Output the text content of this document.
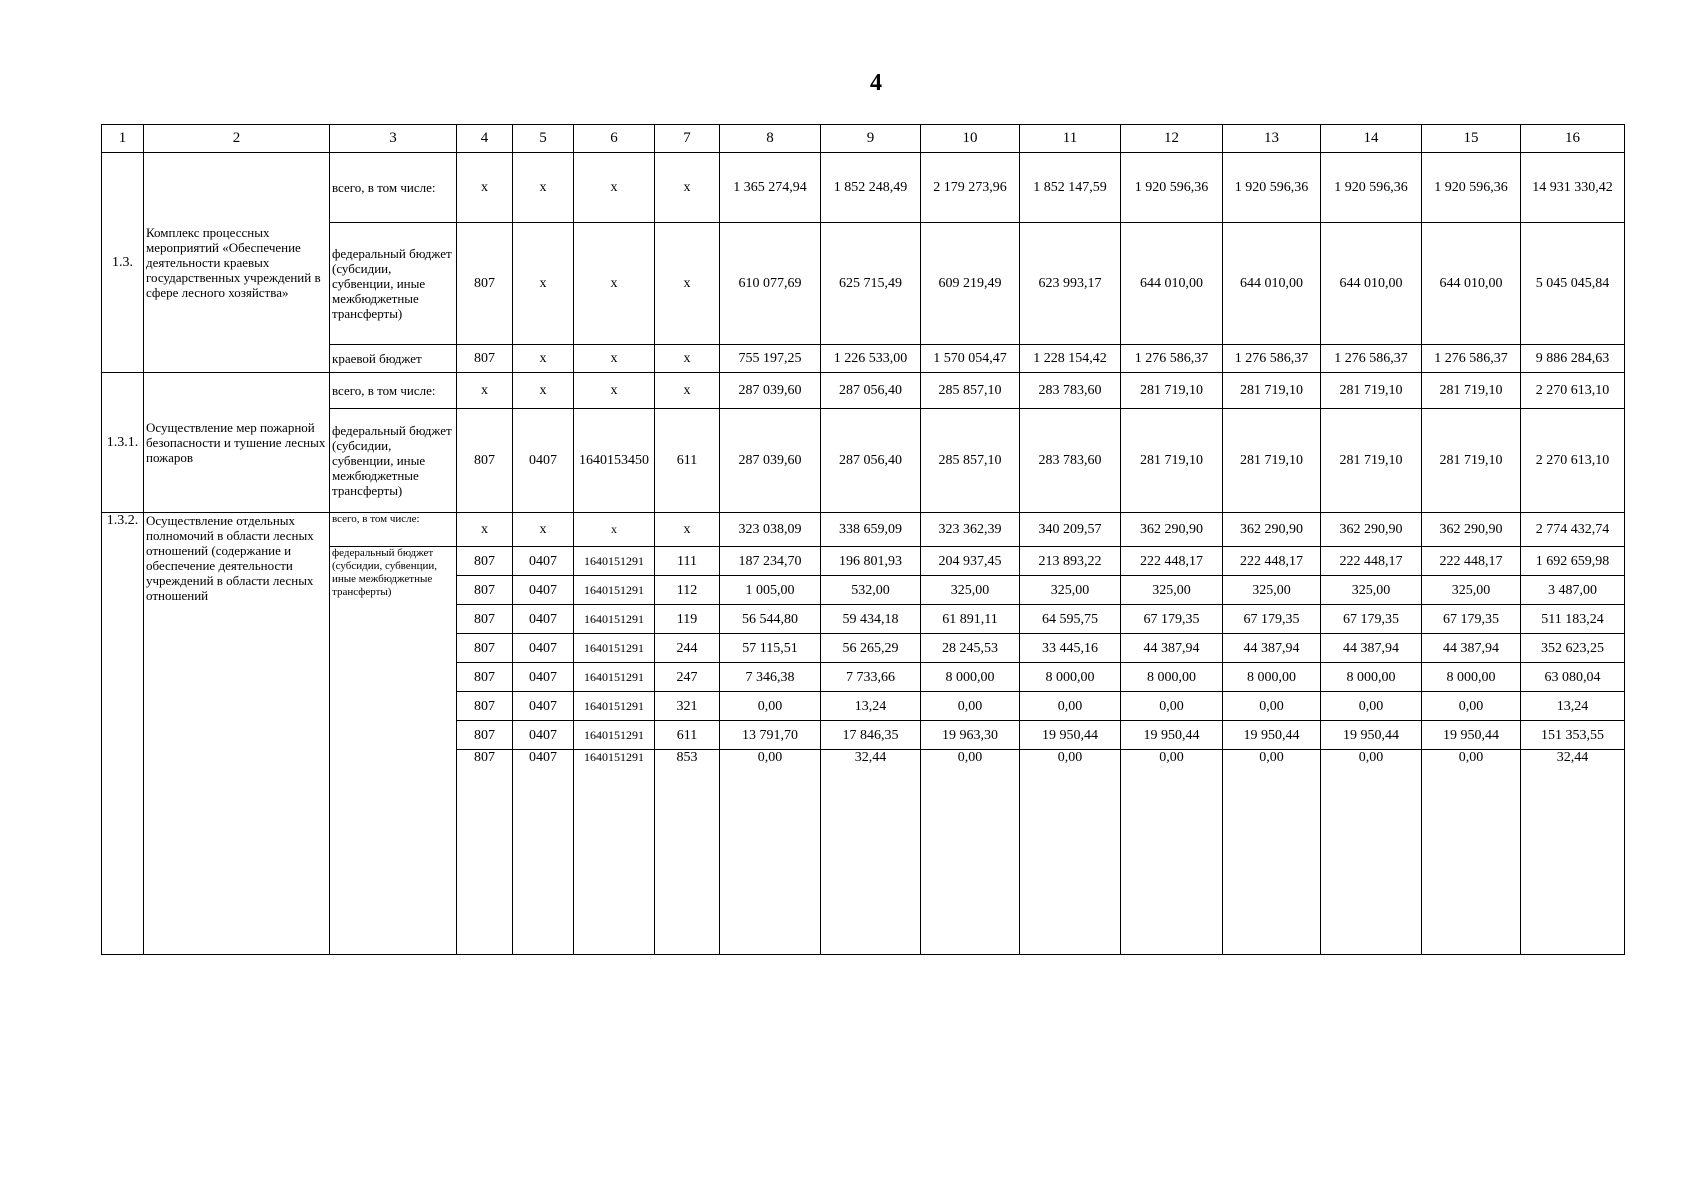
4
1	2	3	4	5	6	7	8	9	10	11	12	13	14	15	16
1.3.	Комплекс процессных мероприятий «Обеспечение деятельности краевых государственных учреждений в сфере лесного хозяйства»	всего, в том числе:	x	x	x	x	1 365 274,94	1 852 248,49	2 179 273,96	1 852 147,59	1 920 596,36	1 920 596,36	1 920 596,36	1 920 596,36	14 931 330,42
		федеральный бюджет (субсидии, субвенции, иные межбюджетные трансферты)	807	x	x	x	610 077,69	625 715,49	609 219,49	623 993,17	644 010,00	644 010,00	644 010,00	644 010,00	5 045 045,84
		краевой бюджет	807	x	x	x	755 197,25	1 226 533,00	1 570 054,47	1 228 154,42	1 276 586,37	1 276 586,37	1 276 586,37	1 276 586,37	9 886 284,63
1.3.1.	Осуществление мер пожарной безопасности и тушение лесных пожаров	всего, в том числе:	x	x	x	x	287 039,60	287 056,40	285 857,10	283 783,60	281 719,10	281 719,10	281 719,10	281 719,10	2 270 613,10
		федеральный бюджет (субсидии, субвенции, иные межбюджетные трансферты)	807	0407	1640153450	611	287 039,60	287 056,40	285 857,10	283 783,60	281 719,10	281 719,10	281 719,10	281 719,10	2 270 613,10
1.3.2.	Осуществление отдельных полномочий в области лесных отношений (содержание и обеспечение деятельности учреждений в области лесных отношений	всего, в том числе:	x	x	x	x	323 038,09	338 659,09	323 362,39	340 209,57	362 290,90	362 290,90	362 290,90	362 290,90	2 774 432,74
		федеральный бюджет (субсидии, субвенции, иные межбюджетные трансферты)	807	0407	1640151291	111	187 234,70	196 801,93	204 937,45	213 893,22	222 448,17	222 448,17	222 448,17	222 448,17	1 692 659,98
			807	0407	1640151291	112	1 005,00	532,00	325,00	325,00	325,00	325,00	325,00	325,00	3 487,00
			807	0407	1640151291	119	56 544,80	59 434,18	61 891,11	64 595,75	67 179,35	67 179,35	67 179,35	67 179,35	511 183,24
			807	0407	1640151291	244	57 115,51	56 265,29	28 245,53	33 445,16	44 387,94	44 387,94	44 387,94	44 387,94	352 623,25
			807	0407	1640151291	247	7 346,38	7 733,66	8 000,00	8 000,00	8 000,00	8 000,00	8 000,00	8 000,00	63 080,04
			807	0407	1640151291	321	0,00	13,24	0,00	0,00	0,00	0,00	0,00	0,00	13,24
			807	0407	1640151291	611	13 791,70	17 846,35	19 963,30	19 950,44	19 950,44	19 950,44	19 950,44	19 950,44	151 353,55
			807	0407	1640151291	853	0,00	32,44	0,00	0,00	0,00	0,00	0,00	0,00	32,44
